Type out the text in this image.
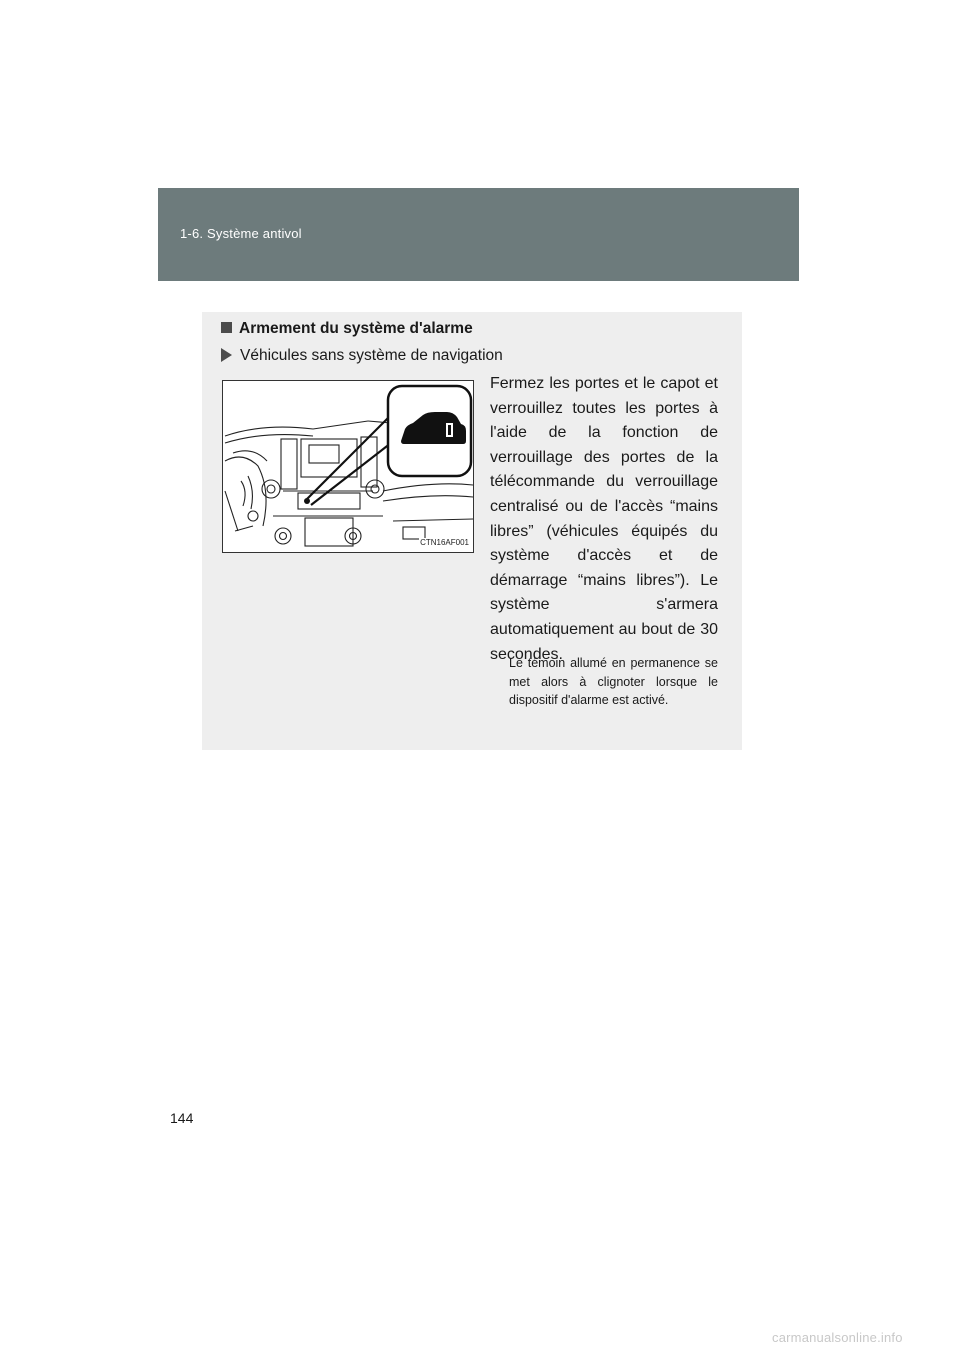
1-6. Système antivol
Armement du système d'alarme
Véhicules sans système de navigation
CTN16AF001
Fermez les portes et le capot et verrouillez toutes les portes à l'aide de la fonction de verrouillage des portes de la télécommande du verrouillage centralisé ou de l'accès “mains libres” (véhicules équipés du système d'accès et de démarrage “mains libres”). Le système s'armera automatiquement au bout de 30 secondes.
Le témoin allumé en permanence se met alors à clignoter lorsque le dispositif d'alarme est activé.
144
carmanualsonline.info
